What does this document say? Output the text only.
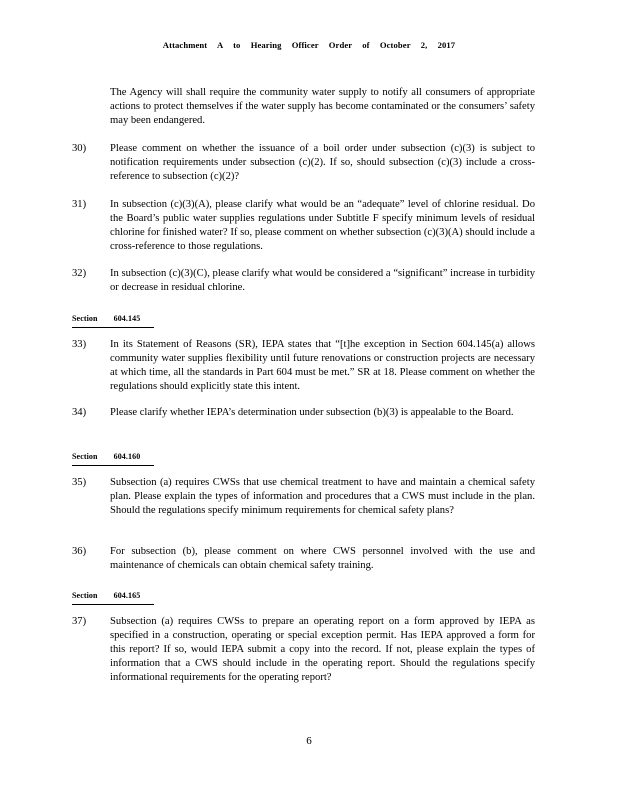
Attachment A to Hearing Officer Order of October 2, 2017

The Agency will shall require the community water supply to notify all consumers of appropriate actions to protect themselves if the water supply has become contaminated or the consumers’ safety may been endangered.

30) Please comment on whether the issuance of a boil order under subsection (c)(3) is subject to notification requirements under subsection (c)(2). If so, should subsection (c)(3) include a cross-reference to subsection (c)(2)?
31) In subsection (c)(3)(A), please clarify what would be an “adequate” level of chlorine residual. Do the Board’s public water supplies regulations under Subtitle F specify minimum levels of residual chlorine for finished water? If so, please comment on whether subsection (c)(3)(A) should include a cross-reference to those regulations.
32) In subsection (c)(3)(C), please clarify what would be considered a “significant” increase in turbidity or decrease in residual chlorine.
Section 604.145
33) In its Statement of Reasons (SR), IEPA states that “[t]he exception in Section 604.145(a) allows community water supplies flexibility until future renovations or construction projects are necessary at which time, all the standards in Part 604 must be met.” SR at 18. Please comment on whether the regulations should explicitly state this intent.
34) Please clarify whether IEPA’s determination under subsection (b)(3) is appealable to the Board.
Section 604.160
35) Subsection (a) requires CWSs that use chemical treatment to have and maintain a chemical safety plan. Please explain the types of information and procedures that a CWS must include in the plan. Should the regulations specify minimum requirements for chemical safety plans?
36) For subsection (b), please comment on where CWS personnel involved with the use and maintenance of chemicals can obtain chemical safety training.
Section 604.165
37) Subsection (a) requires CWSs to prepare an operating report on a form approved by IEPA as specified in a construction, operating or special exception permit. Has IEPA approved a form for this report? If so, would IEPA submit a copy into the record. If not, please explain the types of information that a CWS should include in the operating report. Should the regulations specify informational requirements for the operating report?
6
